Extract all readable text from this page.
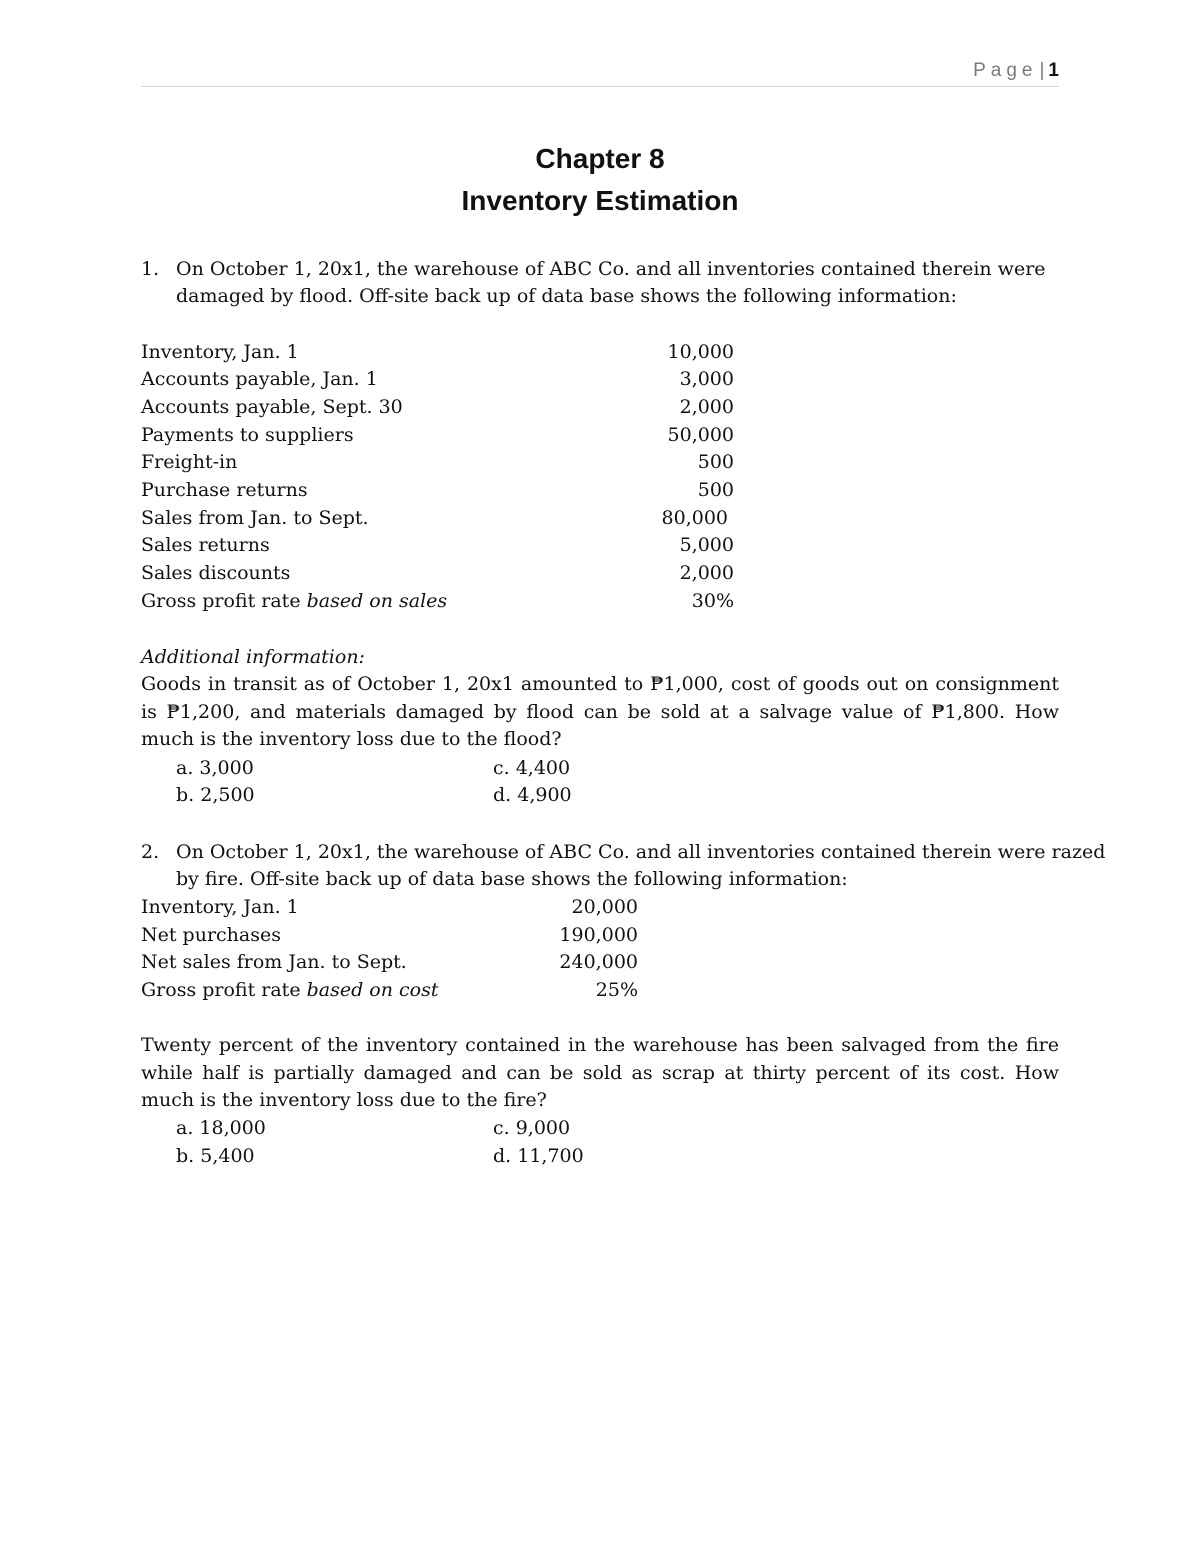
Page | 1
Chapter 8
Inventory Estimation
1. On October 1, 20x1, the warehouse of ABC Co. and all inventories contained therein were
damaged by flood. Off-site back up of data base shows the following information:
Inventory, Jan. 1	10,000
Accounts payable, Jan. 1	3,000
Accounts payable, Sept. 30	2,000
Payments to suppliers	50,000
Freight-in	500
Purchase returns	500
Sales from Jan. to Sept.	80,000
Sales returns	5,000
Sales discounts	2,000
Gross profit rate based on sales	30%
Additional information:
Goods in transit as of October 1, 20x1 amounted to ₱1,000, cost of goods out on consignment is ₱1,200, and materials damaged by flood can be sold at a salvage value of ₱1,800. How much is the inventory loss due to the flood?
a. 3,000	c. 4,400
b. 2,500	d. 4,900
2. On October 1, 20x1, the warehouse of ABC Co. and all inventories contained therein were razed
by fire. Off-site back up of data base shows the following information:
Inventory, Jan. 1	20,000
Net purchases	190,000
Net sales from Jan. to Sept.	240,000
Gross profit rate based on cost	25%
Twenty percent of the inventory contained in the warehouse has been salvaged from the fire while half is partially damaged and can be sold as scrap at thirty percent of its cost. How much is the inventory loss due to the fire?
a. 18,000	c. 9,000
b. 5,400	d. 11,700
